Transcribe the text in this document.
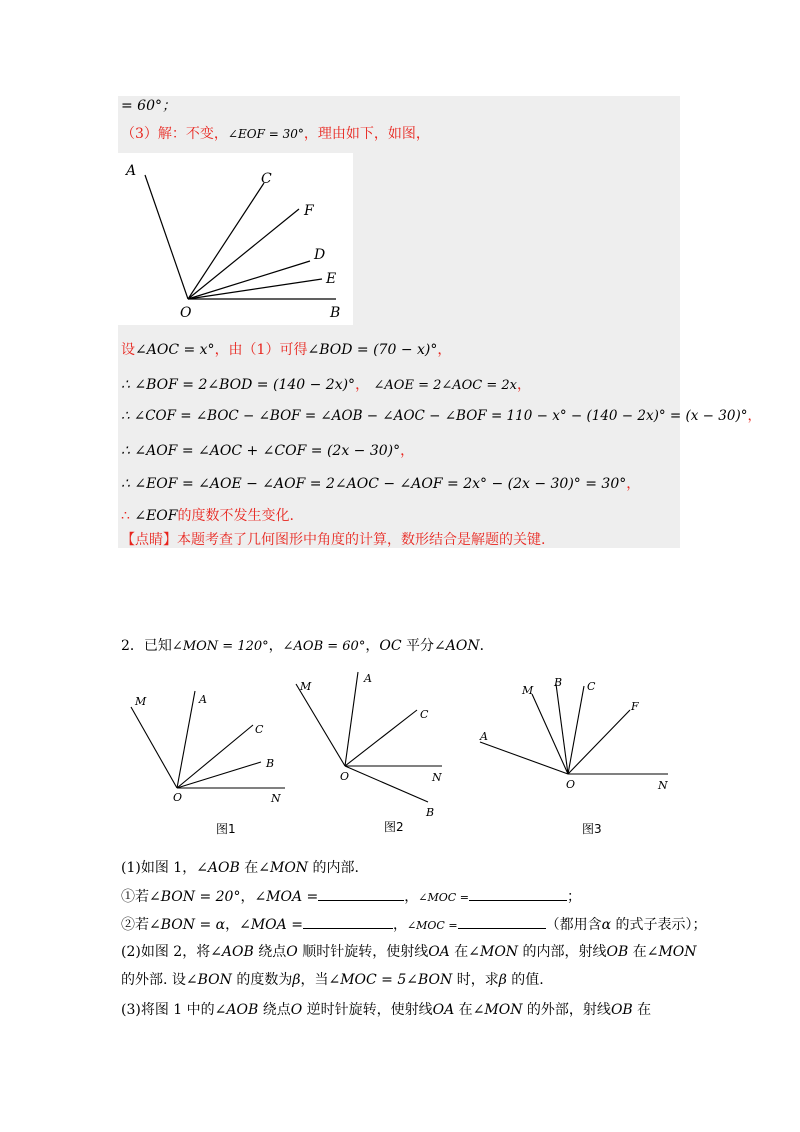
= 60°；
（3）解：不变，∠EOF = 30°，理由如下，如图，
A	C
F
D
E
O	B
设∠AOC = x°，由（1）可得∠BOD = (70 − x)°，
∴ ∠BOF = 2∠BOD = (140 − 2x)°， ∠AOE = 2∠AOC = 2x，
∴ ∠COF = ∠BOC − ∠BOF = ∠AOB − ∠AOC − ∠BOF = 110 − x° − (140 − 2x)° = (x − 30)°，
∴ ∠AOF = ∠AOC + ∠COF = (2x − 30)°，
∴ ∠EOF = ∠AOE − ∠AOF = 2∠AOC − ∠AOF = 2x° − (2x − 30)° = 30°，
∴ ∠EOF的度数不发生变化.
【点睛】本题考查了几何图形中角度的计算，数形结合是解题的关键.
2．已知∠MON = 120°，∠AOB = 60°，OC 平分∠AON．
M	A
C
B
O	N
图1
M
A
C
O	N
B
图2
M
B C
F
A
O	N
图3
(1)如图 1，∠AOB 在∠MON 的内部.
①若∠BON = 20°，∠MOA =	，∠MOC =	；
②若∠BON = α，∠MOA =	，∠MOC =	（都用含α 的式子表示）；
(2)如图 2，将∠AOB 绕点O 顺时针旋转，使射线OA 在∠MON 的内部，射线OB 在∠MON
的外部. 设∠BON 的度数为β，当∠MOC = 5∠BON 时，求β 的值.
(3)将图 1 中的∠AOB 绕点O 逆时针旋转，使射线OA 在∠MON 的外部，射线OB 在
